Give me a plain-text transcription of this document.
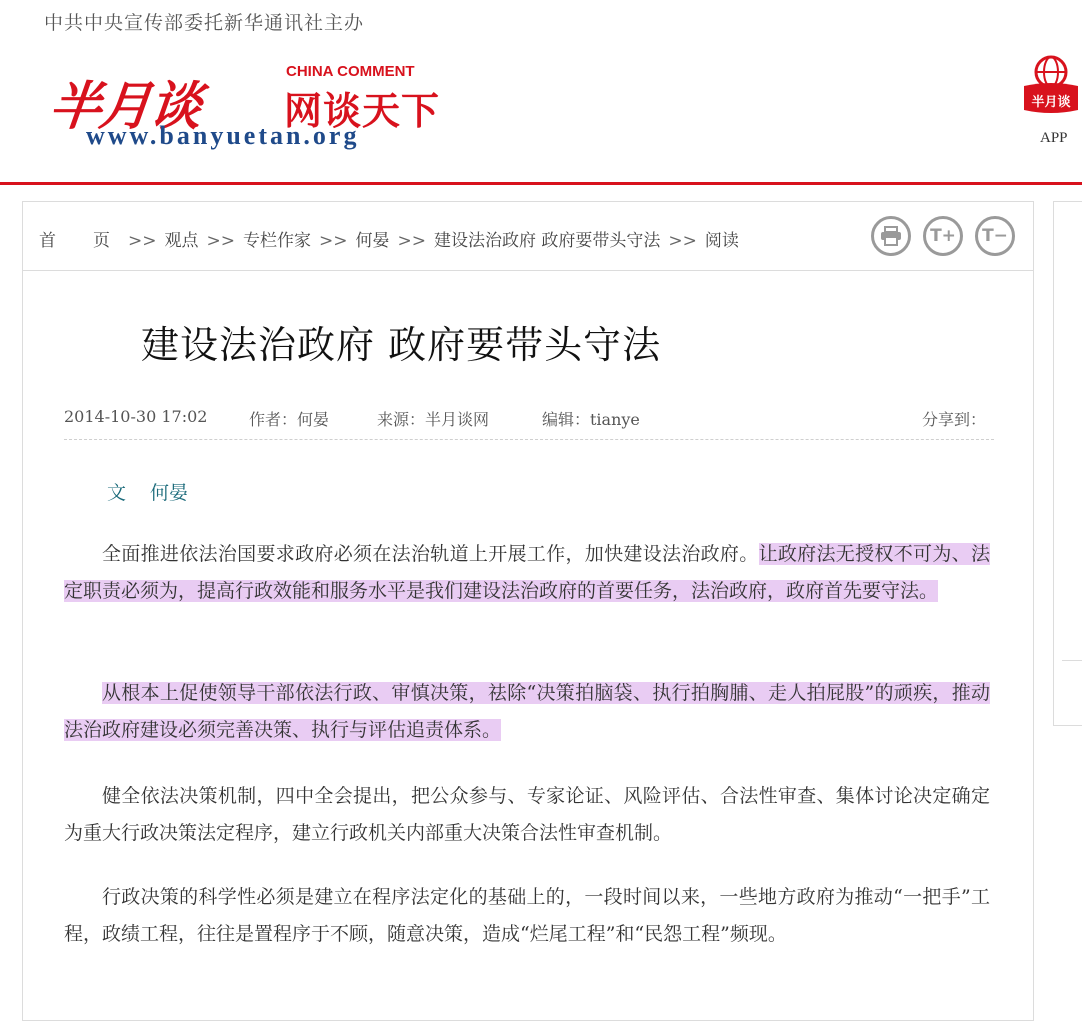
中共中央宣传部委托新华通讯社主办
半月谈
CHINA COMMENT
网谈天下
www.banyuetan.org
半月谈
APP
首　页 >> 观点 >> 专栏作家 >> 何晏 >> 建设法治政府 政府要带头守法 >> 阅读	T+	T−
建设法治政府 政府要带头守法
2014-10-30 17:02	作者：何晏	来源：半月谈网	编辑：tianye	分享到：
文 何晏

全面推进依法治国要求政府必须在法治轨道上开展工作，加快建设法治政府。让政府法无授权不可为、法定职责必须为，提高行政效能和服务水平是我们建设法治政府的首要任务，法治政府，政府首先要守法。

从根本上促使领导干部依法行政、审慎决策，祛除“决策拍脑袋、执行拍胸脯、走人拍屁股”的顽疾，推动法治政府建设必须完善决策、执行与评估追责体系。

健全依法决策机制，四中全会提出，把公众参与、专家论证、风险评估、合法性审查、集体讨论决定确定为重大行政决策法定程序，建立行政机关内部重大决策合法性审查机制。

行政决策的科学性必须是建立在程序法定化的基础上的，一段时间以来，一些地方政府为推动“一把手”工程，政绩工程，往往是置程序于不顾，随意决策，造成“烂尾工程”和“民怨工程”频现。
